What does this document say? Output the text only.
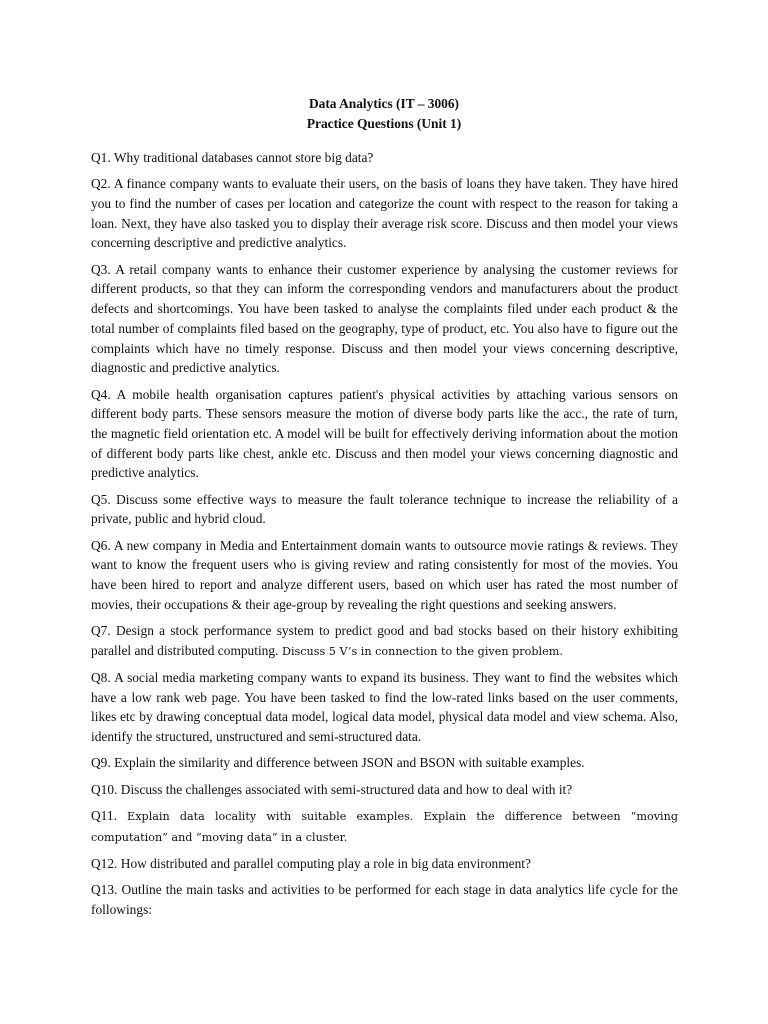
Data Analytics (IT – 3006)
Practice Questions (Unit 1)

Q1. Why traditional databases cannot store big data?

Q2. A finance company wants to evaluate their users, on the basis of loans they have taken. They have hired you to find the number of cases per location and categorize the count with respect to the reason for taking a loan. Next, they have also tasked you to display their average risk score. Discuss and then model your views concerning descriptive and predictive analytics.

Q3. A retail company wants to enhance their customer experience by analysing the customer reviews for different products, so that they can inform the corresponding vendors and manufacturers about the product defects and shortcomings. You have been tasked to analyse the complaints filed under each product & the total number of complaints filed based on the geography, type of product, etc. You also have to figure out the complaints which have no timely response. Discuss and then model your views concerning descriptive, diagnostic and predictive analytics.

Q4. A mobile health organisation captures patient's physical activities by attaching various sensors on different body parts. These sensors measure the motion of diverse body parts like the acc., the rate of turn, the magnetic field orientation etc. A model will be built for effectively deriving information about the motion of different body parts like chest, ankle etc. Discuss and then model your views concerning diagnostic and predictive analytics.

Q5. Discuss some effective ways to measure the fault tolerance technique to increase the reliability of a private, public and hybrid cloud.

Q6. A new company in Media and Entertainment domain wants to outsource movie ratings & reviews. They want to know the frequent users who is giving review and rating consistently for most of the movies. You have been hired to report and analyze different users, based on which user has rated the most number of movies, their occupations & their age-group by revealing the right questions and seeking answers.

Q7. Design a stock performance system to predict good and bad stocks based on their history exhibiting parallel and distributed computing. Discuss 5 V’s in connection to the given problem.

Q8. A social media marketing company wants to expand its business. They want to find the websites which have a low rank web page. You have been tasked to find the low-rated links based on the user comments, likes etc by drawing conceptual data model, logical data model, physical data model and view schema. Also, identify the structured, unstructured and semi-structured data.

Q9. Explain the similarity and difference between JSON and BSON with suitable examples.

Q10. Discuss the challenges associated with semi-structured data and how to deal with it?

Q11. Explain data locality with suitable examples. Explain the difference between “moving computation” and “moving data” in a cluster.

Q12. How distributed and parallel computing play a role in big data environment?

Q13. Outline the main tasks and activities to be performed for each stage in data analytics life cycle for the followings:
